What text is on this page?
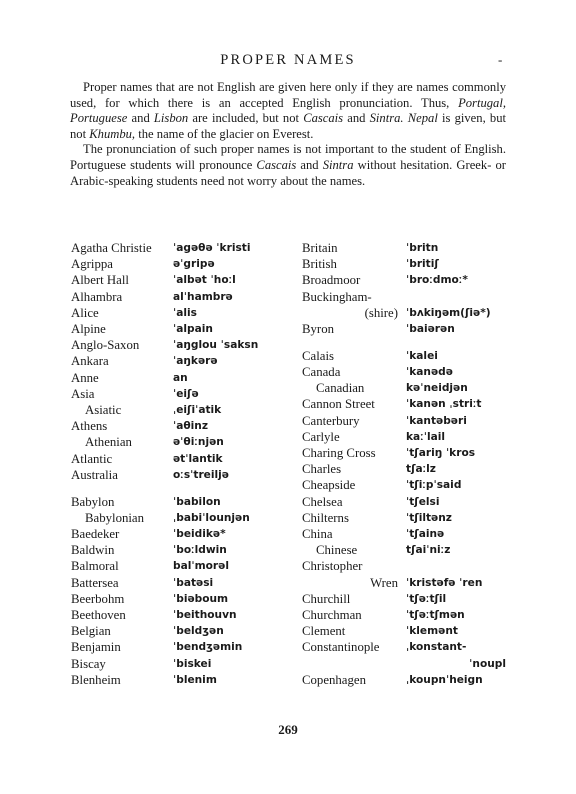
PROPER NAMES	-

Proper names that are not English are given here only if they are names commonly used, for which there is an accepted English pronunciation. Thus, Portugal, Portuguese and Lisbon are included, but not Cascais and Sintra. Nepal is given, but not Khumbu, the name of the glacier on Everest.

The pronunciation of such proper names is not important to the student of English. Portuguese students will pronounce Cascais and Sintra without hesitation. Greek- or Arabic-speaking students need not worry about the names.

Agatha Christie ˈagəθə ˈkristi
Agrippa	əˈgripə
Albert Hall	ˈalbət ˈhoːl
Alhambra	alˈhambrə
Alice	ˈalis
Alpine	ˈalpain
Anglo-Saxon	ˈaŋglou ˈsaksn
Ankara	ˈaŋkərə
Anne	an
Asia	ˈeiʃə
Asiatic	ˌeiʃiˈatik
Athens	ˈaθinz
Athenian	əˈθiːnjən
Atlantic	ətˈlantik
Australia	oːsˈtreiljə
Babylon	ˈbabilon
Babylonian	ˌbabiˈlounjən
Baedeker	ˈbeidikə*
Baldwin	ˈboːldwin
Balmoral	balˈmorəl
Battersea	ˈbatəsi
Beerbohm	ˈbiəboum
Beethoven	ˈbeithouvn
Belgian	ˈbeldʒən
Benjamin	ˈbendʒəmin
Biscay	ˈbiskei
Blenheim	ˈblenim
Britain	ˈbritn
British	ˈbritiʃ
Broadmoor	ˈbroːdmoː*
Buckingham-
(shire) ˈbʌkiŋəm(ʃiə*)
Byron	ˈbaiərən
Calais	ˈkalei
Canada	ˈkanədə
Canadian	kəˈneidjən
Cannon Street	ˈkanən ˌstriːt
Canterbury	ˈkantəbəri
Carlyle	kaːˈlail
Charing Cross	ˈtʃariŋ ˈkros
Charles	tʃaːlz
Cheapside	ˈtʃiːpˈsaid
Chelsea	ˈtʃelsi
Chilterns	ˈtʃiltənz
China	ˈtʃainə
Chinese	tʃaiˈniːz
Christopher
Wren ˈkristəfə ˈren
Churchill	ˈtʃəːtʃil
Churchman	ˈtʃəːtʃmən
Clement	ˈklemənt
Constantinople	ˌkonstant-
ˈnoupl
Copenhagen	ˌkoupnˈheign
269
